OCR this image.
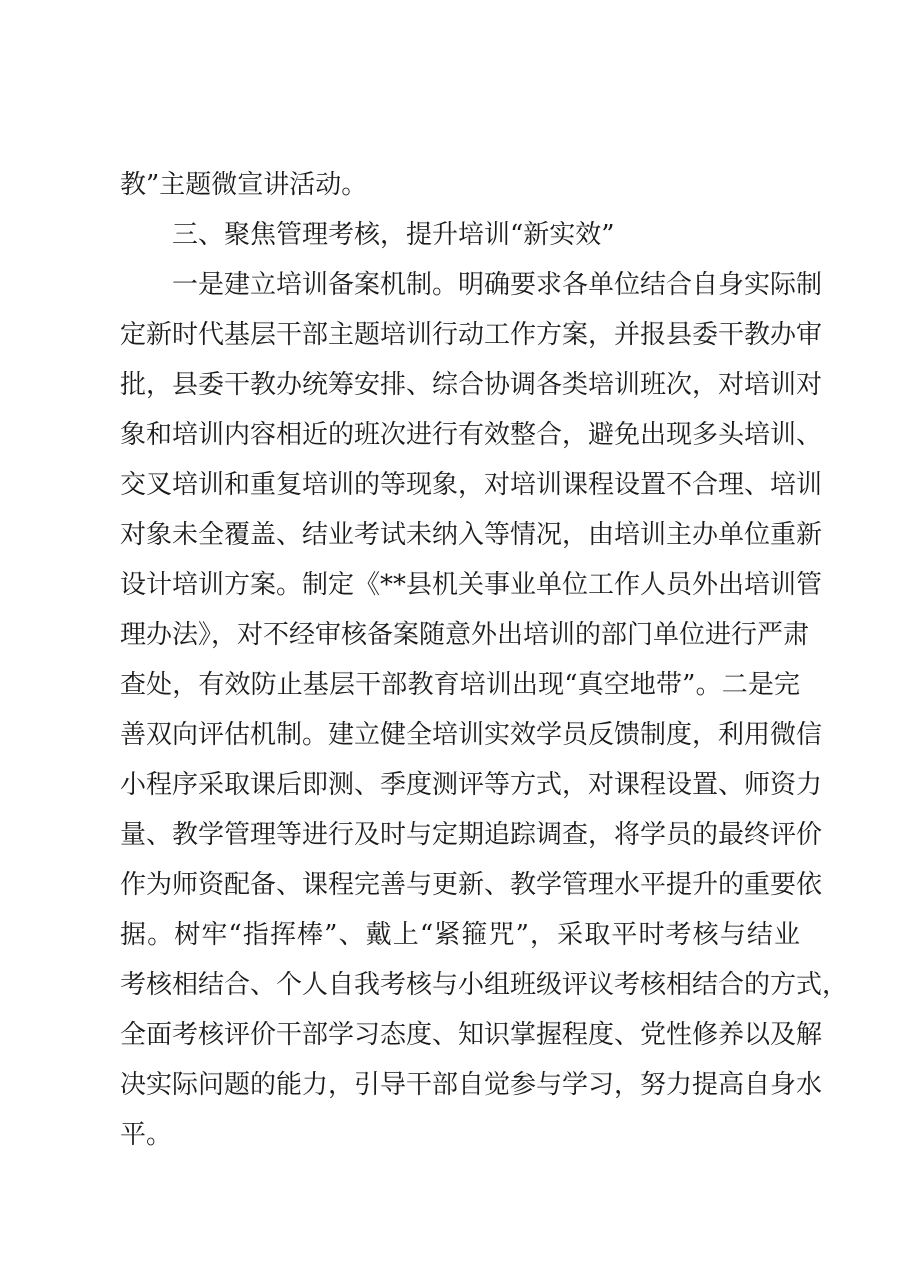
教”主题微宣讲活动。
三、聚焦管理考核，提升培训“新实效”
一是建立培训备案机制。明确要求各单位结合自身实际制
定新时代基层干部主题培训行动工作方案，并报县委干教办审
批，县委干教办统筹安排、综合协调各类培训班次，对培训对
象和培训内容相近的班次进行有效整合，避免出现多头培训、
交叉培训和重复培训的等现象，对培训课程设置不合理、培训
对象未全覆盖、结业考试未纳入等情况，由培训主办单位重新
设计培训方案。制定《**县机关事业单位工作人员外出培训管
理办法》，对不经审核备案随意外出培训的部门单位进行严肃
查处，有效防止基层干部教育培训出现“真空地带”。二是完
善双向评估机制。建立健全培训实效学员反馈制度，利用微信
小程序采取课后即测、季度测评等方式，对课程设置、师资力
量、教学管理等进行及时与定期追踪调查，将学员的最终评价
作为师资配备、课程完善与更新、教学管理水平提升的重要依
据。树牢“指挥棒”、戴上“紧箍咒”，采取平时考核与结业
考核相结合、个人自我考核与小组班级评议考核相结合的方式，
全面考核评价干部学习态度、知识掌握程度、党性修养以及解
决实际问题的能力，引导干部自觉参与学习，努力提高自身水
平。
